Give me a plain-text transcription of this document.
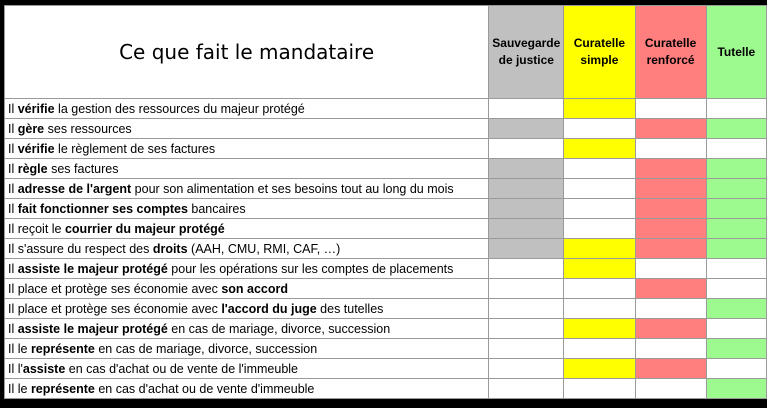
Ce que fait le mandataire	Sauvegarde de justice	Curatelle simple	Curatelle renforcé	Tutelle
Il vérifie la gestion des ressources du majeur protégé				
Il gère ses ressources				
Il vérifie le règlement de ses factures				
Il règle ses factures				
Il adresse de l'argent pour son alimentation et ses besoins tout au long du mois				
Il fait fonctionner ses comptes bancaires				
Il reçoit le courrier du majeur protégé				
Il s'assure du respect des droits (AAH, CMU, RMI, CAF, …)				
Il assiste le majeur protégé pour les opérations sur les comptes de placements				
Il place et protège ses économie avec son accord				
Il place et protège ses économie avec l'accord du juge des tutelles				
Il assiste le majeur protégé en cas de mariage, divorce, succession				
Il le représente en cas de mariage, divorce, succession				
Il l'assiste en cas d'achat ou de vente de l'immeuble				
Il le représente en cas d'achat ou de vente d'immeuble				
